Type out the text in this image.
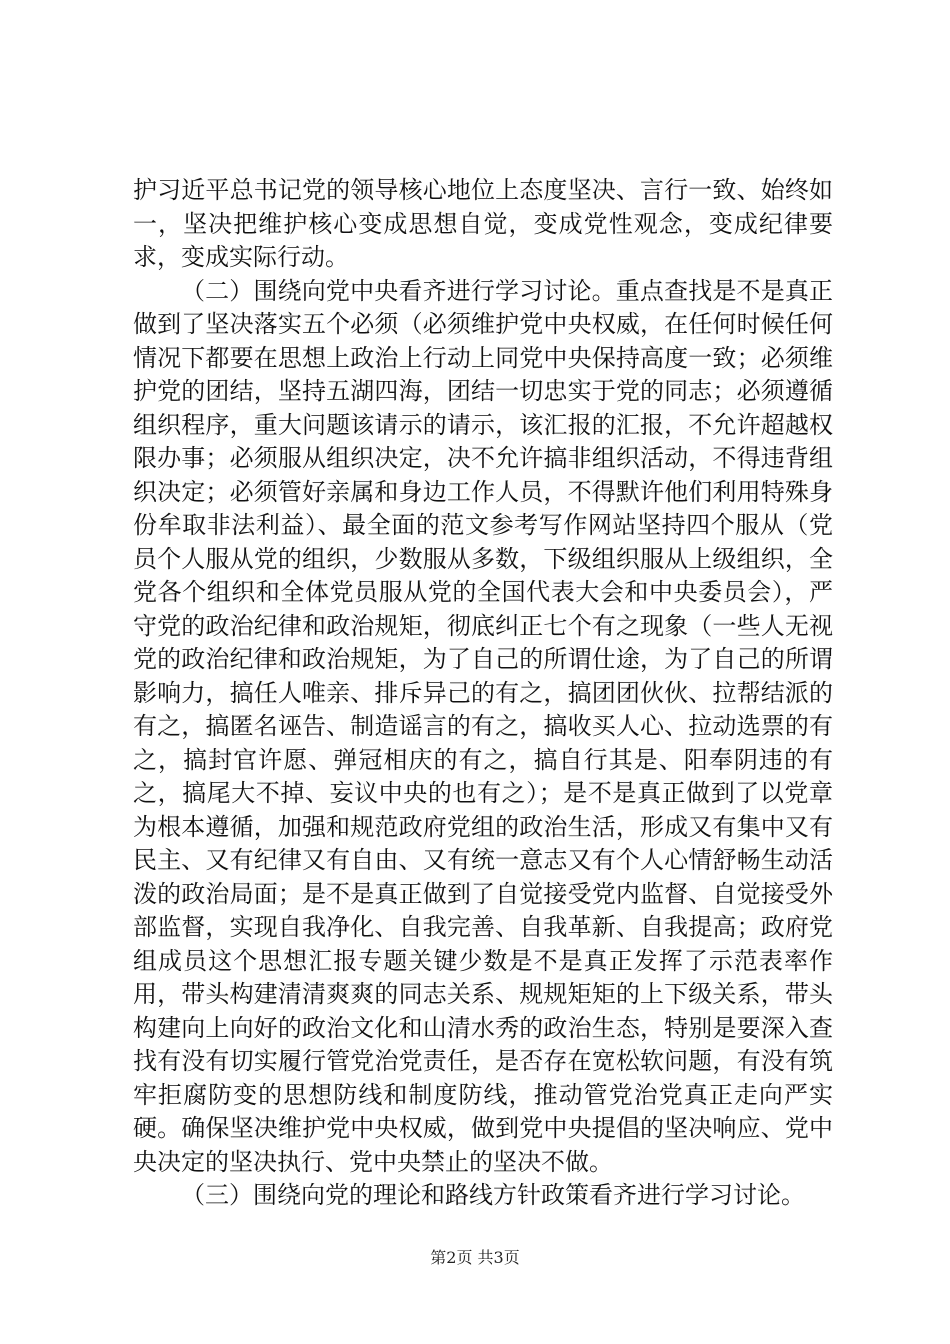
护习近平总书记党的领导核心地位上态度坚决、言行一致、始终如一，坚决把维护核心变成思想自觉，变成党性观念，变成纪律要求，变成实际行动。

（二）围绕向党中央看齐进行学习讨论。重点查找是不是真正做到了坚决落实五个必须（必须维护党中央权威，在任何时候任何情况下都要在思想上政治上行动上同党中央保持高度一致；必须维护党的团结，坚持五湖四海，团结一切忠实于党的同志；必须遵循组织程序，重大问题该请示的请示，该汇报的汇报，不允许超越权限办事；必须服从组织决定，决不允许搞非组织活动，不得违背组织决定；必须管好亲属和身边工作人员，不得默许他们利用特殊身份牟取非法利益）、最全面的范文参考写作网站坚持四个服从（党员个人服从党的组织，少数服从多数，下级组织服从上级组织，全党各个组织和全体党员服从党的全国代表大会和中央委员会），严守党的政治纪律和政治规矩，彻底纠正七个有之现象（一些人无视党的政治纪律和政治规矩，为了自己的所谓仕途，为了自己的所谓影响力，搞任人唯亲、排斥异己的有之，搞团团伙伙、拉帮结派的有之，搞匿名诬告、制造谣言的有之，搞收买人心、拉动选票的有之，搞封官许愿、弹冠相庆的有之，搞自行其是、阳奉阴违的有之，搞尾大不掉、妄议中央的也有之）；是不是真正做到了以党章为根本遵循，加强和规范政府党组的政治生活，形成又有集中又有民主、又有纪律又有自由、又有统一意志又有个人心情舒畅生动活泼的政治局面；是不是真正做到了自觉接受党内监督、自觉接受外部监督，实现自我净化、自我完善、自我革新、自我提高；政府党组成员这个思想汇报专题关键少数是不是真正发挥了示范表率作用，带头构建清清爽爽的同志关系、规规矩矩的上下级关系，带头构建向上向好的政治文化和山清水秀的政治生态，特别是要深入查找有没有切实履行管党治党责任，是否存在宽松软问题，有没有筑牢拒腐防变的思想防线和制度防线，推动管党治党真正走向严实硬。确保坚决维护党中央权威，做到党中央提倡的坚决响应、党中央决定的坚决执行、党中央禁止的坚决不做。

（三）围绕向党的理论和路线方针政策看齐进行学习讨论。

第2页 共3页
